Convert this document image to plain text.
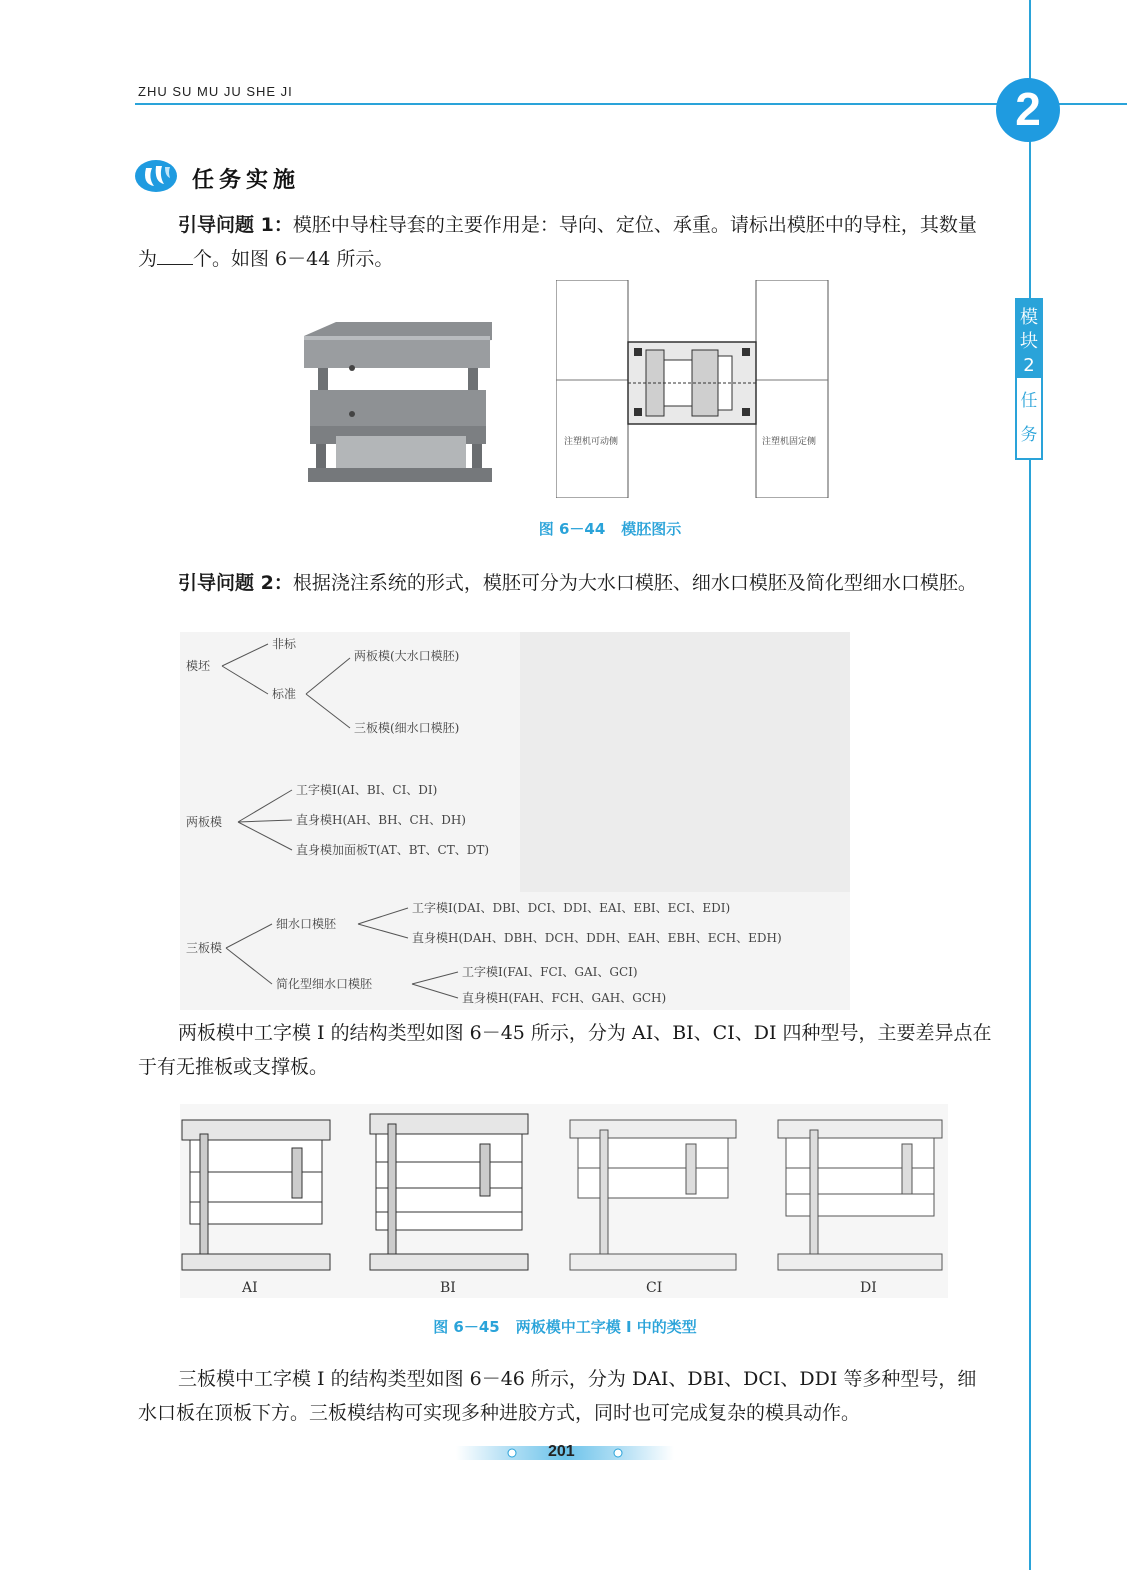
ZHU SU MU JU SHE JI	2
模
块
2
任
务
任务实施

引导问题 1：模胚中导柱导套的主要作用是：导向、定位、承重。请标出模胚中的导柱，其数量为 个。如图 6－44 所示。

注塑机可动侧	注塑机固定侧
图 6－44 模胚图示

引导问题 2：根据浇注系统的形式，模胚可分为大水口模胚、细水口模胚及简化型细水口模胚。

模坯
非标
标准
两板模(大水口模胚)
三板模(细水口模胚)
两板模
工字模I(AI、BI、CI、DI)
直身模H(AH、BH、CH、DH)
直身模加面板T(AT、BT、CT、DT)
三板模
细水口模胚
工字模I(DAI、DBI、DCI、DDI、EAI、EBI、ECI、EDI)
直身模H(DAH、DBH、DCH、DDH、EAH、EBH、ECH、EDH)
简化型细水口模胚
工字模I(FAI、FCI、GAI、GCI)
直身模H(FAH、FCH、GAH、GCH)

两板模中工字模 I 的结构类型如图 6－45 所示，分为 AI、BI、CI、DI 四种型号，主要差异点在于有无推板或支撑板。

AI	BI	CI	DI
图 6－45 两板模中工字模 I 中的类型

三板模中工字模 I 的结构类型如图 6－46 所示，分为 DAI、DBI、DCI、DDI 等多种型号，细水口板在顶板下方。三板模结构可实现多种进胶方式，同时也可完成复杂的模具动作。

201
